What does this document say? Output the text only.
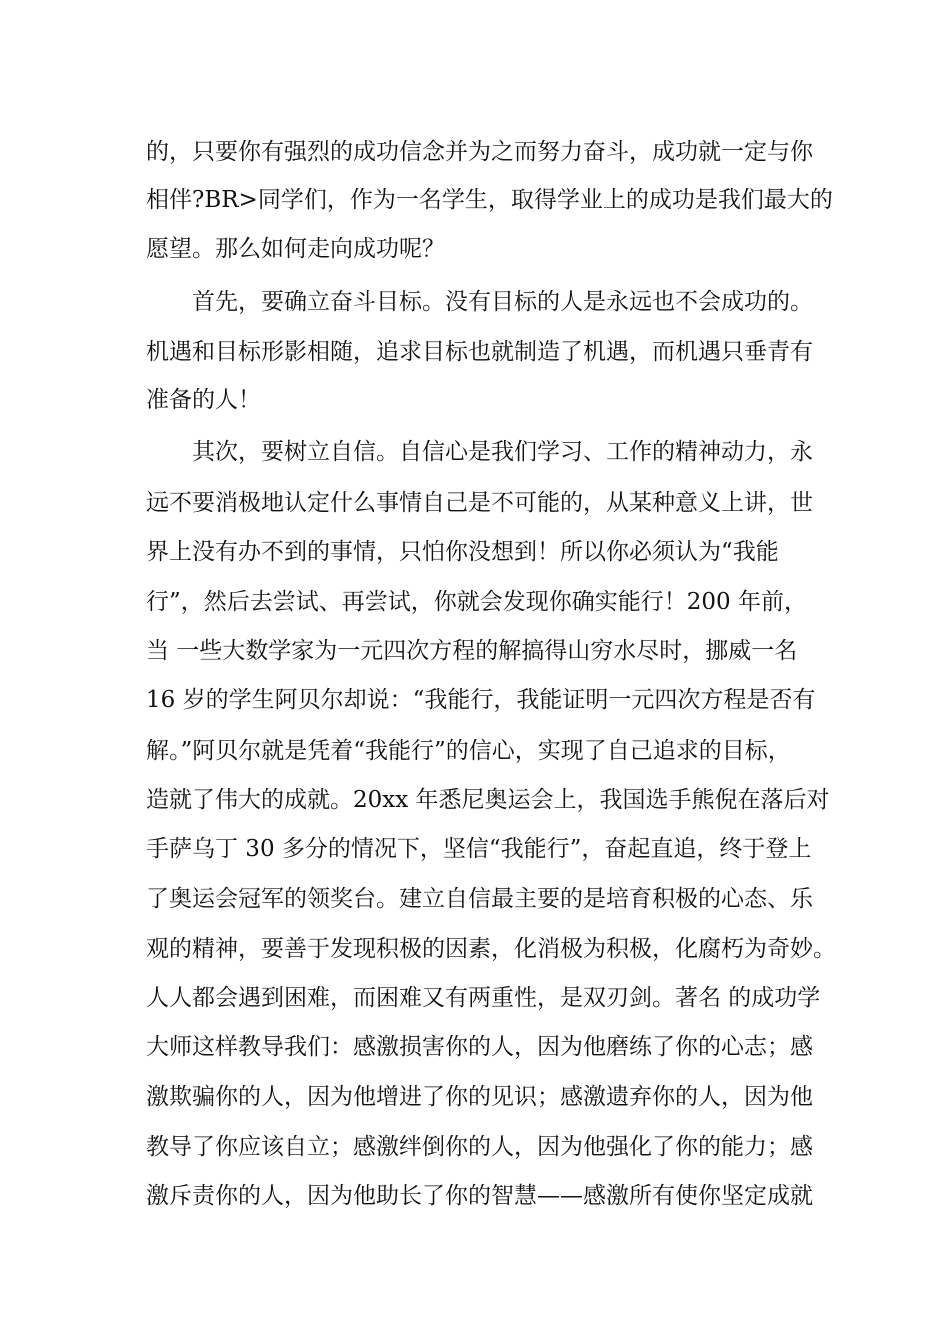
的，只要你有强烈的成功信念并为之而努力奋斗，成功就一定与你
相伴?BR>同学们，作为一名学生，取得学业上的成功是我们最大的
愿望。那么如何走向成功呢？
首先，要确立奋斗目标。没有目标的人是永远也不会成功的。
机遇和目标形影相随，追求目标也就制造了机遇，而机遇只垂青有
准备的人！
其次，要树立自信。自信心是我们学习、工作的精神动力，永
远不要消极地认定什么事情自己是不可能的，从某种意义上讲，世
界上没有办不到的事情，只怕你没想到！所以你必须认为“我能
行”，然后去尝试、再尝试，你就会发现你确实能行！200 年前，
当 一些大数学家为一元四次方程的解搞得山穷水尽时，挪威一名
16 岁的学生阿贝尔却说：“我能行，我能证明一元四次方程是否有
解。”阿贝尔就是凭着“我能行”的信心，实现了自己追求的目标，
造就了伟大的成就。20xx 年悉尼奥运会上，我国选手熊倪在落后对
手萨乌丁 30 多分的情况下，坚信“我能行”，奋起直追，终于登上
了奥运会冠军的领奖台。建立自信最主要的是培育积极的心态、乐
观的精神，要善于发现积极的因素，化消极为积极，化腐朽为奇妙。
人人都会遇到困难，而困难又有两重性，是双刃剑。著名 的成功学
大师这样教导我们：感激损害你的人，因为他磨练了你的心志；感
激欺骗你的人，因为他增进了你的见识；感激遗弃你的人，因为他
教导了你应该自立；感激绊倒你的人，因为他强化了你的能力；感
激斥责你的人，因为他助长了你的智慧——感激所有使你坚定成就
